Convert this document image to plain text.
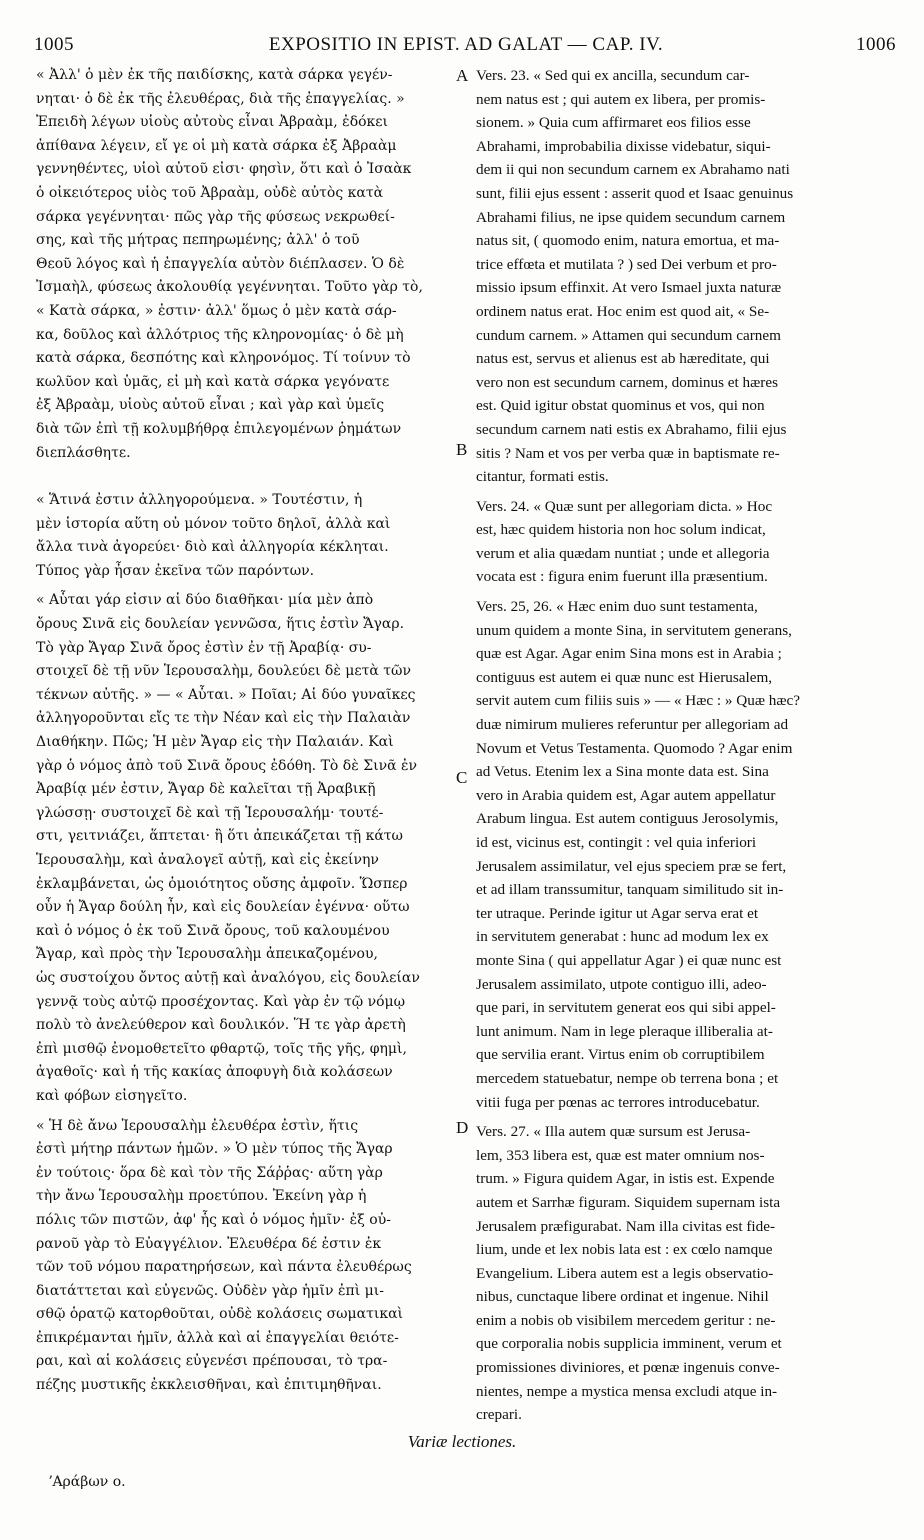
1005	EXPOSITIO IN EPIST. AD GALAT — CAP. IV.	1006

« Ἀλλ' ὁ μὲν ἐκ τῆς παιδίσκης, κατὰ σάρκα γεγέν-
νηται· ὁ δὲ ἐκ τῆς ἐλευθέρας, διὰ τῆς ἐπαγγελίας. »
Ἐπειδὴ λέγων υἱοὺς αὐτοὺς εἶναι Ἀβραὰμ, ἐδόκει
ἀπίθανα λέγειν, εἴ γε οἱ μὴ κατὰ σάρκα ἐξ Ἀβραὰμ
γεννηθέντες, υἱοὶ αὐτοῦ εἰσι· φησὶν, ὅτι καὶ ὁ Ἰσαὰκ
ὁ οἰκειότερος υἱὸς τοῦ Ἀβραὰμ, οὐδὲ αὐτὸς κατὰ
σάρκα γεγέννηται· πῶς γὰρ τῆς φύσεως νεκρωθεί-
σης, καὶ τῆς μήτρας πεπηρωμένης; ἀλλ' ὁ τοῦ
Θεοῦ λόγος καὶ ἡ ἐπαγγελία αὐτὸν διέπλασεν. Ὁ δὲ
Ἰσμαὴλ, φύσεως ἀκολουθίᾳ γεγέννηται. Τοῦτο γὰρ τὸ,
« Κατὰ σάρκα, » ἐστιν· ἀλλ' ὅμως ὁ μὲν κατὰ σάρ-
κα, δοῦλος καὶ ἀλλότριος τῆς κληρονομίας· ὁ δὲ μὴ
κατὰ σάρκα, δεσπότης καὶ κληρονόμος. Τί τοίνυν τὸ
κωλῦον καὶ ὑμᾶς, εἰ μὴ καὶ κατὰ σάρκα γεγόνατε
ἐξ Ἀβραὰμ, υἱοὺς αὐτοῦ εἶναι ; καὶ γὰρ καὶ ὑμεῖς
διὰ τῶν ἐπὶ τῇ κολυμβήθρᾳ ἐπιλεγομένων ῥημάτων
διεπλάσθητε.

« Ἅτινά ἐστιν ἀλληγορούμενα. » Τουτέστιν, ἡ
μὲν ἱστορία αὕτη οὐ μόνον τοῦτο δηλοῖ, ἀλλὰ καὶ
ἄλλα τινὰ ἀγορεύει· διὸ καὶ ἀλληγορία κέκληται.
Τύπος γὰρ ἦσαν ἐκεῖνα τῶν παρόντων.

« Αὗται γάρ εἰσιν αἱ δύο διαθῆκαι· μία μὲν ἀπὸ
ὄρους Σινᾶ εἰς δουλείαν γεννῶσα, ἥτις ἐστὶν Ἄγαρ.
Τὸ γὰρ Ἄγαρ Σινᾶ ὄρος ἐστὶν ἐν τῇ Ἀραβίᾳ· συ-
στοιχεῖ δὲ τῇ νῦν Ἱερουσαλὴμ, δουλεύει δὲ μετὰ τῶν
τέκνων αὐτῆς. » — « Αὗται. » Ποῖαι; Αἱ δύο γυναῖκες
ἀλληγοροῦνται εἴς τε τὴν Νέαν καὶ εἰς τὴν Παλαιὰν
Διαθήκην. Πῶς; Ἡ μὲν Ἄγαρ εἰς τὴν Παλαιάν. Καὶ
γὰρ ὁ νόμος ἀπὸ τοῦ Σινᾶ ὄρους ἐδόθη. Τὸ δὲ Σινᾶ ἐν
Ἀραβίᾳ μέν ἐστιν, Ἄγαρ δὲ καλεῖται τῇ Ἀραβικῇ
γλώσσῃ· συστοιχεῖ δὲ καὶ τῇ Ἱερουσαλήμ· τουτέ-
στι, γειτνιάζει, ἅπτεται· ἢ ὅτι ἀπεικάζεται τῇ κάτω
Ἱερουσαλὴμ, καὶ ἀναλογεῖ αὐτῇ, καὶ εἰς ἐκείνην
ἐκλαμβάνεται, ὡς ὁμοιότητος οὔσης ἀμφοῖν. Ὥσπερ
οὖν ἡ Ἄγαρ δούλη ἦν, καὶ εἰς δουλείαν ἐγέννα· οὕτω
καὶ ὁ νόμος ὁ ἐκ τοῦ Σινᾶ ὄρους, τοῦ καλουμένου
Ἄγαρ, καὶ πρὸς τὴν Ἱερουσαλὴμ ἀπεικαζομένου,
ὡς συστοίχου ὄντος αὐτῇ καὶ ἀναλόγου, εἰς δουλείαν
γεννᾷ τοὺς αὐτῷ προσέχοντας. Καὶ γὰρ ἐν τῷ νόμῳ
πολὺ τὸ ἀνελεύθερον καὶ δουλικόν. Ἥ τε γὰρ ἀρετὴ
ἐπὶ μισθῷ ἐνομοθετεῖτο φθαρτῷ, τοῖς τῆς γῆς, φημὶ,
ἀγαθοῖς· καὶ ἡ τῆς κακίας ἀποφυγὴ διὰ κολάσεων
καὶ φόβων εἰσηγεῖτο.

« Ἡ δὲ ἄνω Ἱερουσαλὴμ ἐλευθέρα ἐστὶν, ἥτις
ἐστὶ μήτηρ πάντων ἡμῶν. » Ὁ μὲν τύπος τῆς Ἄγαρ
ἐν τούτοις· ὅρα δὲ καὶ τὸν τῆς Σάῤῥας· αὕτη γὰρ
τὴν ἄνω Ἱερουσαλὴμ προετύπου. Ἐκείνη γὰρ ἡ
πόλις τῶν πιστῶν, ἀφ' ἧς καὶ ὁ νόμος ἡμῖν· ἐξ οὐ-
ρανοῦ γὰρ τὸ Εὐαγγέλιον. Ἐλευθέρα δέ ἐστιν ἐκ
τῶν τοῦ νόμου παρατηρήσεων, καὶ πάντα ἐλευθέρως
διατάττεται καὶ εὐγενῶς. Οὐδὲν γὰρ ἡμῖν ἐπὶ μι-
σθῷ ὁρατῷ κατορθοῦται, οὐδὲ κολάσεις σωματικαὶ
ἐπικρέμανται ἡμῖν, ἀλλὰ καὶ αἱ ἐπαγγελίαι θειότε-
ραι, καὶ αἱ κολάσεις εὐγενέσι πρέπουσαι, τὸ τρα-
πέζης μυστικῆς ἐκκλεισθῆναι, καὶ ἐπιτιμηθῆναι.

Vers. 23. « Sed qui ex ancilla, secundum car-
nem natus est ; qui autem ex libera, per promis-
sionem. » Quia cum affirmaret eos filios esse
Abrahami, improbabilia dixisse videbatur, siqui-
dem ii qui non secundum carnem ex Abrahamo nati
sunt, filii ejus essent : asserit quod et Isaac genuinus
Abrahami filius, ne ipse quidem secundum carnem
natus sit, ( quomodo enim, natura emortua, et ma-
trice effœta et mutilata ? ) sed Dei verbum et pro-
missio ipsum effinxit. At vero Ismael juxta naturæ
ordinem natus erat. Hoc enim est quod ait, « Se-
cundum carnem. » Attamen qui secundum carnem
natus est, servus et alienus est ab hæreditate, qui
vero non est secundum carnem, dominus et hæres
est. Quid igitur obstat quominus et vos, qui non
secundum carnem nati estis ex Abrahamo, filii ejus
sitis ? Nam et vos per verba quæ in baptismate re-
citantur, formati estis.

Vers. 24. « Quæ sunt per allegoriam dicta. » Hoc
est, hæc quidem historia non hoc solum indicat,
verum et alia quædam nuntiat ; unde et allegoria
vocata est : figura enim fuerunt illa præsentium.

Vers. 25, 26. « Hæc enim duo sunt testamenta,
unum quidem a monte Sina, in servitutem generans,
quæ est Agar. Agar enim Sina mons est in Arabia ;
contiguus est autem ei quæ nunc est Hierusalem,
servit autem cum filiis suis » — « Hæc : » Quæ hæc?
duæ nimirum mulieres referuntur per allegoriam ad
Novum et Vetus Testamenta. Quomodo ? Agar enim
ad Vetus. Etenim lex a Sina monte data est. Sina
vero in Arabia quidem est, Agar autem appellatur
Arabum lingua. Est autem contiguus Jerosolymis,
id est, vicinus est, contingit : vel quia inferiori
Jerusalem assimilatur, vel ejus speciem præ se fert,
et ad illam transsumitur, tanquam similitudo sit in-
ter utraque. Perinde igitur ut Agar serva erat et
in servitutem generabat : hunc ad modum lex ex
monte Sina ( qui appellatur Agar ) ei quæ nunc est
Jerusalem assimilato, utpote contiguo illi, adeo-
que pari, in servitutem generat eos qui sibi appel-
lunt animum. Nam in lege pleraque illiberalia at-
que servilia erant. Virtus enim ob corruptibilem
mercedem statuebatur, nempe ob terrena bona ; et
vitii fuga per pœnas ac terrores introducebatur.

Vers. 27. « Illa autem quæ sursum est Jerusa-
lem, 353 libera est, quæ est mater omnium nos-
trum. » Figura quidem Agar, in istis est. Expende
autem et Sarrhæ figuram. Siquidem supernam ista
Jerusalem præfigurabat. Nam illa civitas est fide-
lium, unde et lex nobis lata est : ex cœlo namque
Evangelium. Libera autem est a legis observatio-
nibus, cunctaque libere ordinat et ingenue. Nihil
enim a nobis ob visibilem mercedem geritur : ne-
que corporalia nobis supplicia imminent, verum et
promissiones diviniores, et pœnæ ingenuis conve-
nientes, nempe a mystica mensa excludi atque in-
crepari.

A
B
C
D
Variæ lectiones.
ʼΑράβων ο.
